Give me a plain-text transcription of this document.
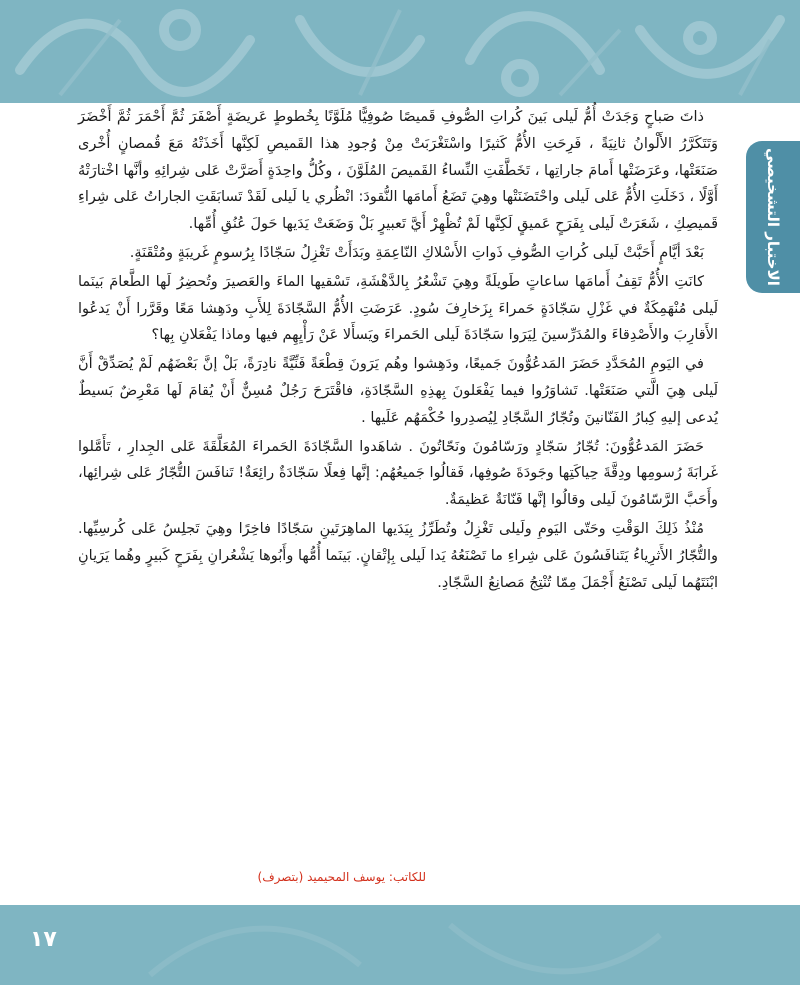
الاختبار التشخيصي

ذاتَ صَباحٍ وَجَدَتْ أُمُّ لَيلى بَينَ كُراتِ الصُّوفِ قَميصًا صُوفِيًّا مُلَوَّنًا بِخُطوطٍ عَريضَةٍ أَصْفَرَ ثُمَّ أَحْمَرَ ثُمَّ أَخْضَرَ وَتَتَكَرَّرُ الأَلْوانُ ثانِيَةً ، فَرِحَتِ الأُمُّ كَثيرًا واسْتَغْرَبَتْ مِنْ وُجودِ هذا القَميصِ لَكِنَّها أَخَذَتْهُ مَعَ قُمصانٍ أُخْرى صَنَعَتْها، وعَرَضَتْها أَمامَ جاراتِها ، تَخَطَّفَتِ النِّساءُ القَميصَ المُلَوَّنَ ، وكُلُّ واحِدَةٍ أَصَرَّتْ عَلى شِرائِهِ وأنَّها اخْتارَتْهُ أَوَّلًا ، دَخَلَتِ الأُمُّ عَلى لَيلى واحْتَضَنَتْها وهِيَ تَضَعُ أَمامَها النُّقودَ: انْظُري يا لَيلى لَقَدْ تَسابَقَتِ الجاراتُ عَلى شِراءِ قَميصِكِ ، شَعَرَتْ لَيلى بِفَرَحٍ عَميقٍ لَكِنَّها لَمْ تُظْهِرْ أَيَّ تَعبيرٍ بَلْ وَضَعَتْ يَدَيها حَولَ عُنُقِ أُمِّها.

بَعْدَ أيَّامٍ أَحَبَّتْ لَيلى كُراتِ الصُّوفِ ذَواتِ الأَسْلاكِ النّاعِمَةِ وبَدَأَتْ تَغْزِلُ سَجّادًا بِرُسومٍ غَريبَةٍ ومُتْقَنَةٍ.

كانَتِ الأُمُّ تَقِفُ أَمامَها ساعاتٍ طَويلَةً وهِيَ تَشْعُرُ بِالدَّهْشَةِ، تَسْقيها الماءَ والعَصيرَ وتُحضِرُ لَها الطَّعامَ بَينَما لَيلى مُنْهَمِكَةٌ في غَزْلِ سَجّادَةٍ حَمراءَ بِزَخارِفَ سُودٍ. عَرَضَتِ الأُمُّ السَّجّادَةَ لِلأَبِ ودَهِشا مَعًا وقَرَّرا أَنْ يَدعُوا الأَقارِبَ والأَصْدِقاءَ والمُدَرِّسينَ لِيَرَوا سَجّادَةَ لَيلى الحَمراءَ ويَسأَلا عَنْ رَأْيِهِم فيها وماذا يَفْعَلانِ بِها؟

في اليَومِ المُحَدَّدِ حَضَرَ المَدعُوُّونَ جَميعًا، ودَهِشوا وهُم يَرَونَ قِطْعَةً فَنِّيَّةً نادِرَةً، بَلْ إنَّ بَعْضَهُم لَمْ يُصَدِّقْ أَنَّ لَيلى هِيَ الَّتي صَنَعَتْها. تَشاوَرُوا فيما يَفْعَلونَ بِهذِهِ السَّجّادَةِ، فاقْتَرَحَ رَجُلٌ مُسِنٌّ أَنْ يُقامَ لَها مَعْرِضٌ بَسيطٌ يُدعى إليهِ كِبارُ الفَنّانينَ وتُجّارُ السَّجّادِ لِيُصدِروا حُكْمَهُم عَلَيها .

حَضَرَ المَدعُوُّونَ: تُجّارُ سَجّادٍ ورَسّامُونَ ونَحّاتُونَ . شاهَدوا السَّجّادَةَ الحَمراءَ المُعَلَّقَةَ عَلى الجِدارِ ، تَأَمَّلوا غَرابَةَ رُسومِها ودِقَّةَ حِياكَتِها وجَودَةَ صُوفِها، فَقالُوا جَميعُهُم: إنَّها فِعلًا سَجّادَةٌ رائِعَةٌ! تَنافَسَ التُّجّارُ عَلى شِرائِها، وأَحَبَّ الرَّسّامُونَ لَيلى وقالُوا إنَّها فَنّانَةٌ عَظيمَةٌ.

مُنْذُ ذَلِكَ الوَقْتِ وحَتّى اليَومِ ولَيلى تَغْزِلُ وتُطَرِّزُ بِيَدَيها الماهِرَتَينِ سَجّادًا فاخِرًا وهِيَ تَجلِسُ عَلى كُرسِيِّها. والتُّجّارُ الأَثرِياءُ يَتَنافَسُونَ عَلى شِراءِ ما تَصْنَعُهُ يَدا لَيلى بِإتْقانٍ. بَينَما أُمُّها وأَبُوها يَشْعُرانِ بِفَرَحٍ كَبيرٍ وهُما يَرَيانِ ابْنَتَهُما لَيلى تَصْنَعُ أَجْمَلَ مِمّا تُنْتِجُ مَصانِعُ السَّجّادِ.

للكاتب: يوسف المحيميد (بتصرف)
١٧
